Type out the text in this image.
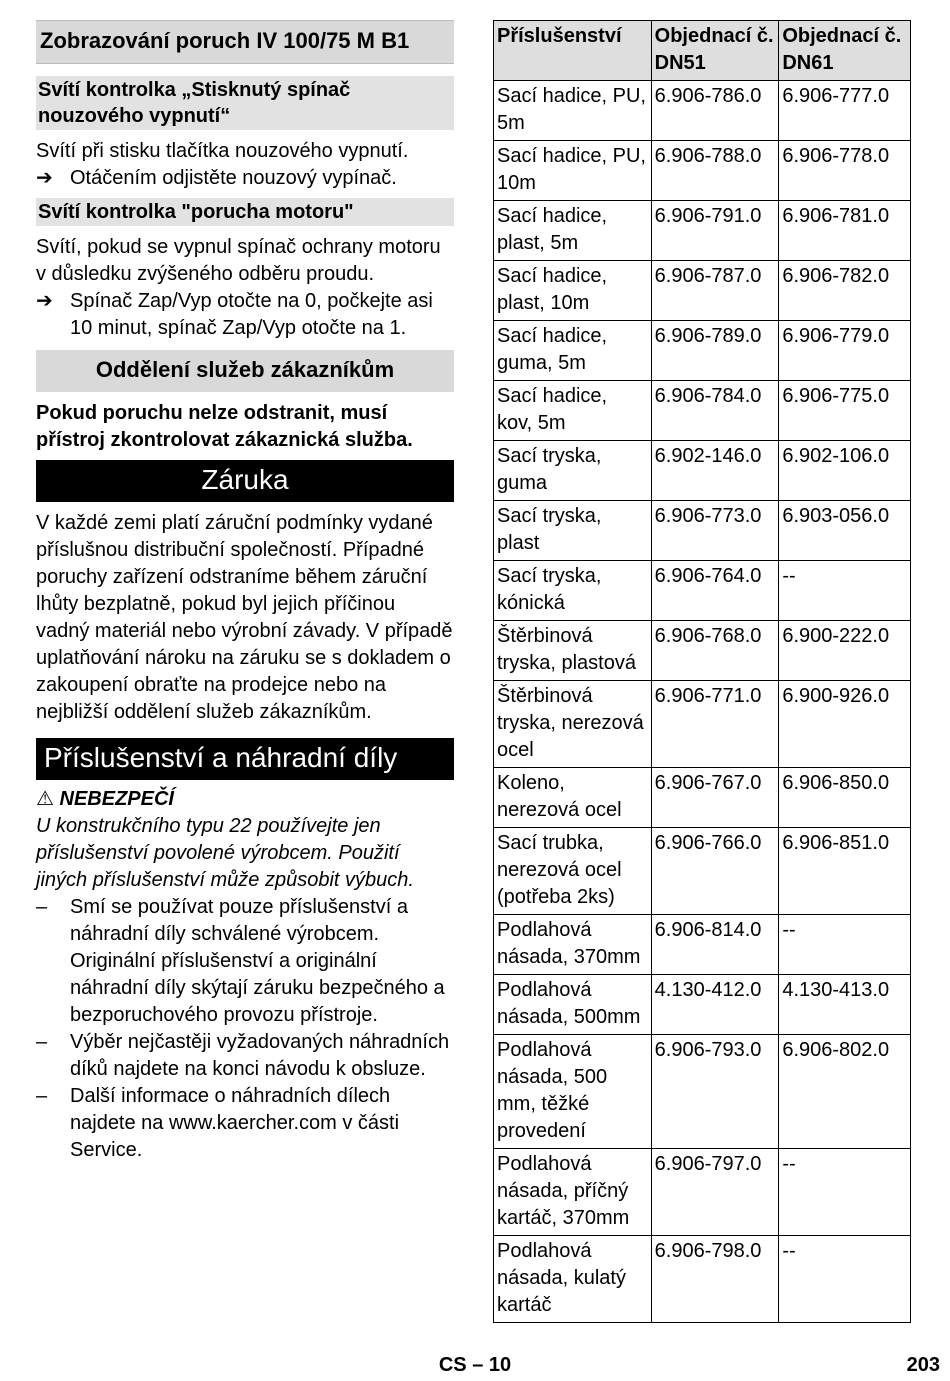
Zobrazování poruch IV 100/75 M B1
Svítí kontrolka „Stisknutý spínač nouzového vypnutí“

Svítí při stisku tlačítka nouzového vypnutí.

➔ Otáčením odjistěte nouzový vypínač.
Svítí kontrolka "porucha motoru"

Svítí, pokud se vypnul spínač ochrany motoru v důsledku zvýšeného odběru proudu.

➔ Spínač Zap/Vyp otočte na 0, počkejte asi 10 minut, spínač Zap/Vyp otočte na 1.
Oddělení služeb zákazníkům

Pokud poruchu nelze odstranit, musí přístroj zkontrolovat zákaznická služba.

Záruka

V každé zemi platí záruční podmínky vydané příslušnou distribuční společností. Případné poruchy zařízení odstraníme během záruční lhůty bezplatně, pokud byl jejich příčinou vadný materiál nebo výrobní závady. V případě uplatňování nároku na záruku se s dokladem o zakoupení obraťte na prodejce nebo na nejbližší oddělení služeb zákazníkům.

Příslušenství a náhradní díly
⚠ NEBEZPEČÍ

U konstrukčního typu 22 používejte jen příslušenství povolené výrobcem. Použití jiných příslušenství může způsobit výbuch.

– Smí se používat pouze příslušenství a náhradní díly schválené výrobcem. Originální příslušenství a originální náhradní díly skýtají záruku bezpečného a bezporuchového provozu přístroje.
– Výběr nejčastěji vyžadovaných náhradních díků najdete na konci návodu k obsluze.
– Další informace o náhradních dílech najdete na www.kaercher.com v části Service.
Příslušenství	Objednací č. DN51	Objednací č. DN61
Sací hadice, PU, 5m	6.906-786.0	6.906-777.0
Sací hadice, PU, 10m	6.906-788.0	6.906-778.0
Sací hadice, plast, 5m	6.906-791.0	6.906-781.0
Sací hadice, plast, 10m	6.906-787.0	6.906-782.0
Sací hadice, guma, 5m	6.906-789.0	6.906-779.0
Sací hadice, kov, 5m	6.906-784.0	6.906-775.0
Sací tryska, guma	6.902-146.0	6.902-106.0
Sací tryska, plast	6.906-773.0	6.903-056.0
Sací tryska, kónická	6.906-764.0	--
Štěrbinová tryska, plastová	6.906-768.0	6.900-222.0
Štěrbinová tryska, nerezová ocel	6.906-771.0	6.900-926.0
Koleno, nerezová ocel	6.906-767.0	6.906-850.0
Sací trubka, nerezová ocel (potřeba 2ks)	6.906-766.0	6.906-851.0
Podlahová násada, 370mm	6.906-814.0	--
Podlahová násada, 500mm	4.130-412.0	4.130-413.0
Podlahová násada, 500 mm, těžké provedení	6.906-793.0	6.906-802.0
Podlahová násada, příčný kartáč, 370mm	6.906-797.0	--
Podlahová násada, kulatý kartáč	6.906-798.0	--
CS – 10	203
